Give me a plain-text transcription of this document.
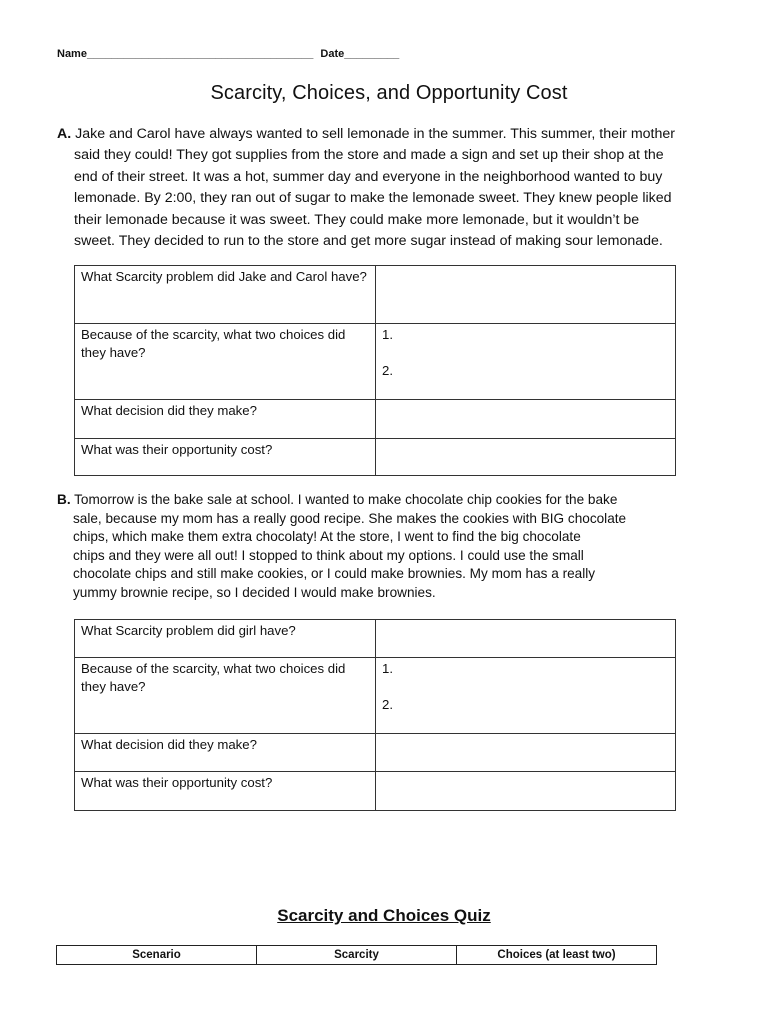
Name_____________________________________ Date_________
Scarcity, Choices, and Opportunity Cost
A. Jake and Carol have always wanted to sell lemonade in the summer. This summer, their mother
said they could! They got supplies from the store and made a sign and set up their shop at the
end of their street. It was a hot, summer day and everyone in the neighborhood wanted to buy
lemonade. By 2:00, they ran out of sugar to make the lemonade sweet. They knew people liked
their lemonade because it was sweet. They could make more lemonade, but it wouldn’t be
sweet. They decided to run to the store and get more sugar instead of making sour lemonade.
What Scarcity problem did Jake and Carol have?	
Because of the scarcity, what two choices did they have?	1.
2.

What decision did they make?	
What was their opportunity cost?	
B. Tomorrow is the bake sale at school. I wanted to make chocolate chip cookies for the bake
sale, because my mom has a really good recipe. She makes the cookies with BIG chocolate
chips, which make them extra chocolaty! At the store, I went to find the big chocolate
chips and they were all out! I stopped to think about my options. I could use the small
chocolate chips and still make cookies, or I could make brownies. My mom has a really
yummy brownie recipe, so I decided I would make brownies.
What Scarcity problem did girl have?	
Because of the scarcity, what two choices did they have?	1.
2.

What decision did they make?	
What was their opportunity cost?	
Scarcity and Choices Quiz
Scenario	Scarcity	Choices (at least two)
